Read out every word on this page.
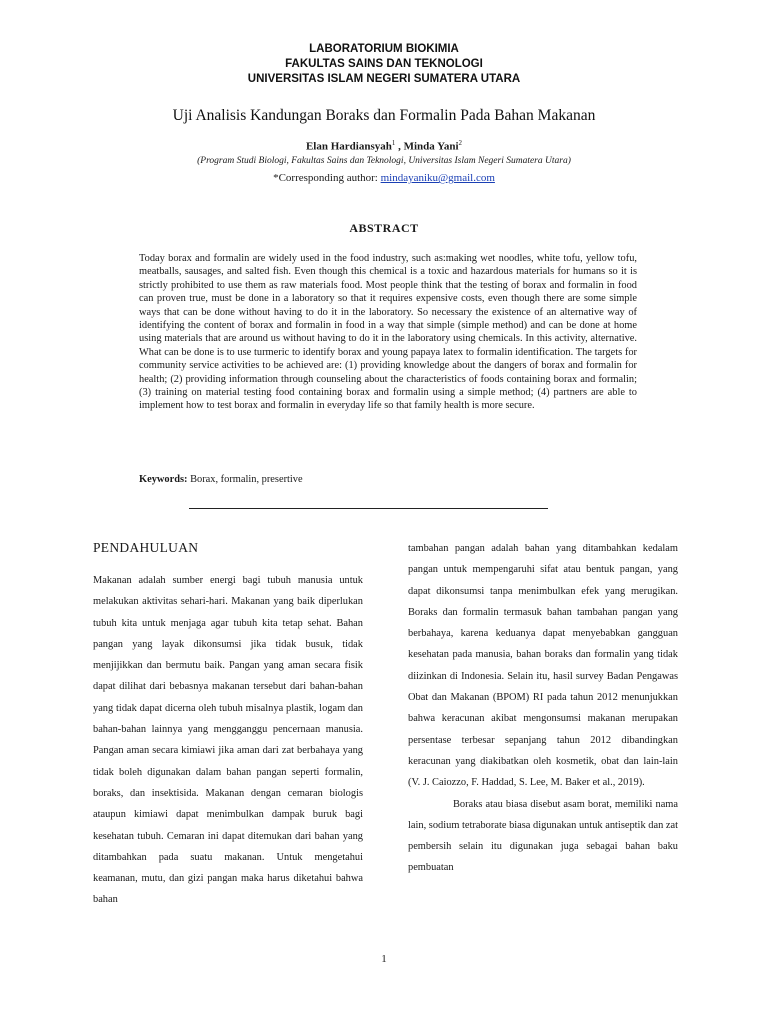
LABORATORIUM BIOKIMIA
FAKULTAS SAINS DAN TEKNOLOGI
UNIVERSITAS ISLAM NEGERI SUMATERA UTARA
Uji Analisis Kandungan Boraks dan Formalin Pada Bahan Makanan
Elan Hardiansyah$^1$ , Minda Yani$^2$
(Program Studi Biologi, Fakultas Sains dan Teknologi, Universitas Islam Negeri Sumatera Utara)
*Corresponding author: mindayaniku@gmail.com
ABSTRACT

Today borax and formalin are widely used in the food industry, such as:making wet noodles, white tofu, yellow tofu, meatballs, sausages, and salted fish. Even though this chemical is a toxic and hazardous materials for humans so it is strictly prohibited to use them as raw materials food. Most people think that the testing of borax and formalin in food can proven true, must be done in a laboratory so that it requires expensive costs, even though there are some simple ways that can be done without having to do it in the laboratory. So necessary the existence of an alternative way of identifying the content of borax and formalin in food in a way that simple (simple method) and can be done at home using materials that are around us without having to do it in the laboratory using chemicals. In this activity, alternative. What can be done is to use turmeric to identify borax and young papaya latex to formalin identification. The targets for community service activities to be achieved are: (1) providing knowledge about the dangers of borax and formalin for health; (2) providing information through counseling about the characteristics of foods containing borax and formalin; (3) training on material testing food containing borax and formalin using a simple method; (4) partners are able to implement how to test borax and formalin in everyday life so that family health is more secure.

Keywords: Borax, formalin, presertive

PENDAHULUAN

Makanan adalah sumber energi bagi tubuh manusia untuk melakukan aktivitas sehari-hari. Makanan yang baik diperlukan tubuh kita untuk menjaga agar tubuh kita tetap sehat. Bahan pangan yang layak dikonsumsi jika tidak busuk, tidak menjijikkan dan bermutu baik. Pangan yang aman secara fisik dapat dilihat dari bebasnya makanan tersebut dari bahan-bahan yang tidak dapat dicerna oleh tubuh misalnya plastik, logam dan bahan-bahan lainnya yang mengganggu pencernaan manusia. Pangan aman secara kimiawi jika aman dari zat berbahaya yang tidak boleh digunakan dalam bahan pangan seperti formalin, boraks, dan insektisida. Makanan dengan cemaran biologis ataupun kimiawi dapat menimbulkan dampak buruk bagi kesehatan tubuh. Cemaran ini dapat ditemukan dari bahan yang ditambahkan pada suatu makanan. Untuk mengetahui keamanan, mutu, dan gizi pangan maka harus diketahui bahwa bahan

tambahan pangan adalah bahan yang ditambahkan kedalam pangan untuk mempengaruhi sifat atau bentuk pangan, yang dapat dikonsumsi tanpa menimbulkan efek yang merugikan. Boraks dan formalin termasuk bahan tambahan pangan yang berbahaya, karena keduanya dapat menyebabkan gangguan kesehatan pada manusia, bahan boraks dan formalin yang tidak diizinkan di Indonesia. Selain itu, hasil survey Badan Pengawas Obat dan Makanan (BPOM) RI pada tahun 2012 menunjukkan bahwa keracunan akibat mengonsumsi makanan merupakan persentase terbesar sepanjang tahun 2012 dibandingkan keracunan yang diakibatkan oleh kosmetik, obat dan lain-lain (V. J. Caiozzo, F. Haddad, S. Lee, M. Baker et al., 2019).

Boraks atau biasa disebut asam borat, memiliki nama lain, sodium tetraborate biasa digunakan untuk antiseptik dan zat pembersih selain itu digunakan juga sebagai bahan baku pembuatan

1
